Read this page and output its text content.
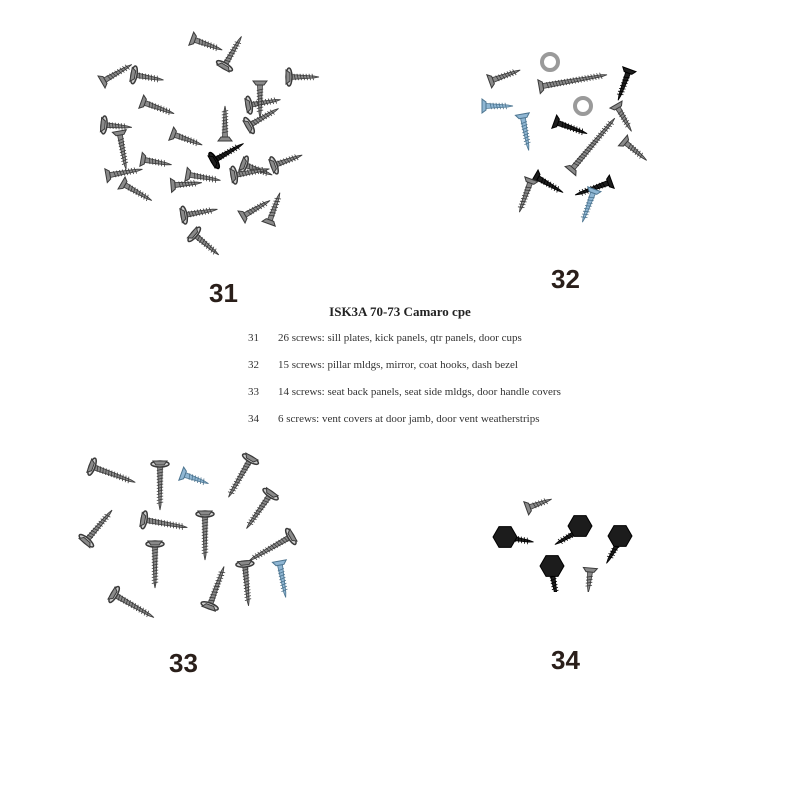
ISK3A 70-73 Camaro cpe
31	26 screws: sill plates, kick panels, qtr panels, door cups
32	15 screws: pillar mldgs, mirror, coat hooks, dash bezel
33	14 screws: seat back panels, seat side mldgs, door handle covers
34	6 screws: vent covers at door jamb, door vent weatherstrips
31	32
33	34
